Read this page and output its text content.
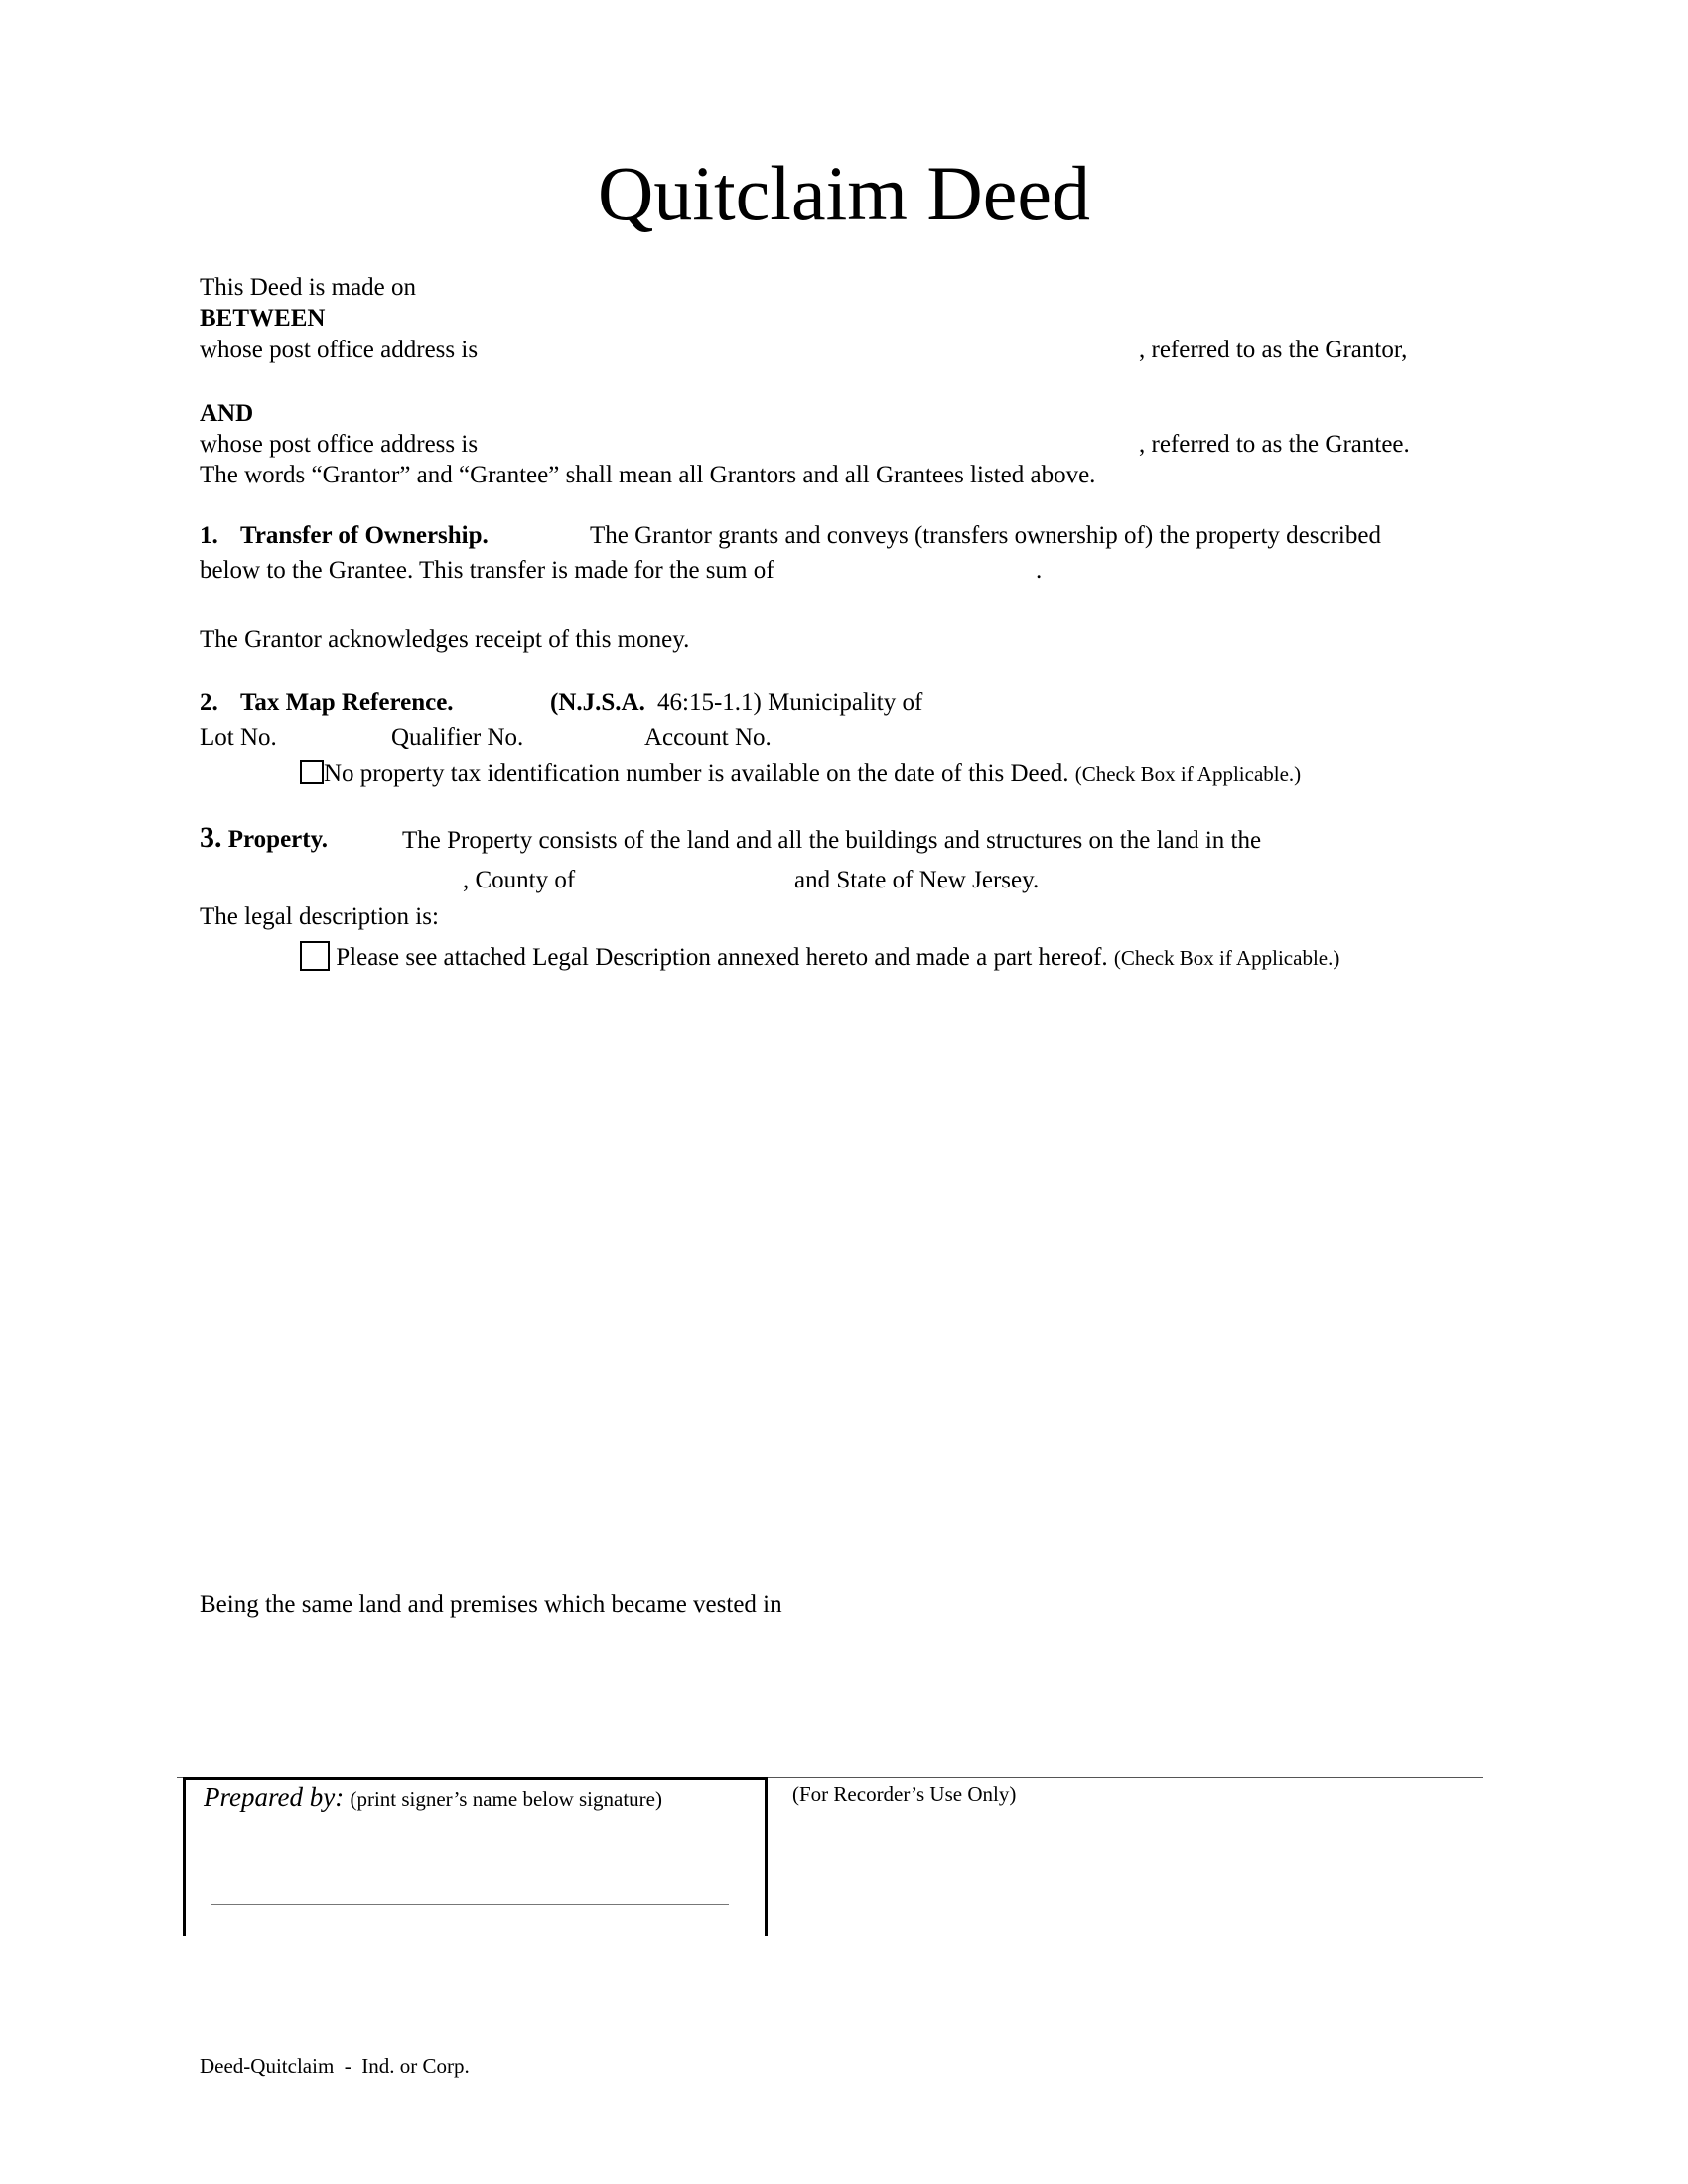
Quitclaim Deed
This Deed is made on
BETWEEN
whose post office address is	, referred to as the Grantor,
AND
whose post office address is	, referred to as the Grantee.
The words “Grantor” and “Grantee” shall mean all Grantors and all Grantees listed above.
1. Transfer of Ownership.	The Grantor grants and conveys (transfers ownership of) the property described
below to the Grantee. This transfer is made for the sum of	.
The Grantor acknowledges receipt of this money.
2. Tax Map Reference.	(N.J.S.A. 46:15-1.1) Municipality of
Lot No.	Qualifier No.	Account No.
No property tax identification number is available on the date of this Deed. (Check Box if Applicable.)
3. Property.	The Property consists of the land and all the buildings and structures on the land in the
, County of	and State of New Jersey.
The legal description is:
Please see attached Legal Description annexed hereto and made a part hereof. (Check Box if Applicable.)
Being the same land and premises which became vested in
Prepared by: (print signer’s name below signature)	(For Recorder’s Use Only)
Deed-Quitclaim  -  Ind. or Corp.
